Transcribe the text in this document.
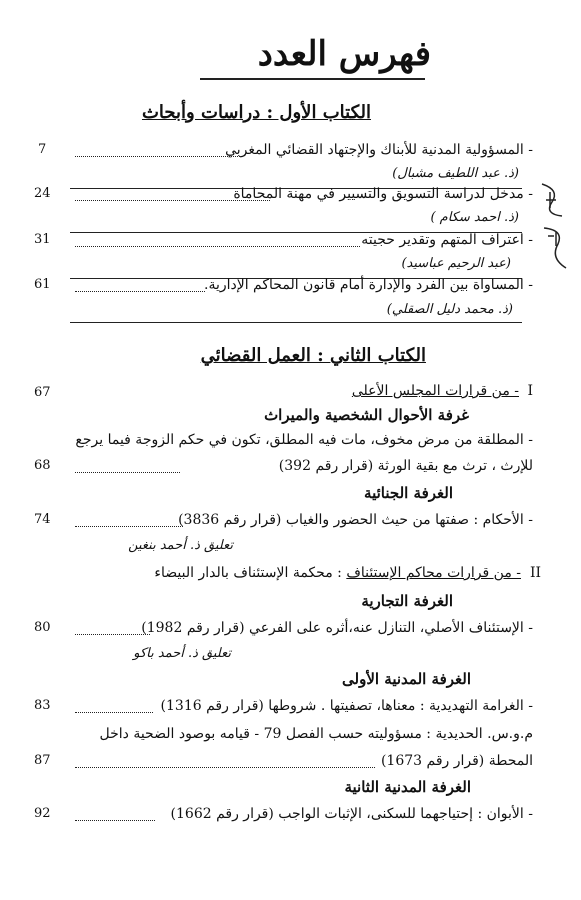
فهرس العدد
الكتاب الأول : دراسات وأبحاث
- المسؤولية المدنية للأبناك والإجتهاد القضائي المغربي
7
(ذ. عبد اللطيف مشبال)
- مدخل لدراسة التسويق والتسيير في مهنة المحاماة
24
(ذ. احمد سكام )
- اعتراف المتهم وتقدير حجيته
31
(عبد الرحيم عباسيد)
- المساواة بين الفرد والإدارة أمام قانون المحاكم الإدارية.
61
(ذ. محمد دليل الصقلي)
الكتاب الثاني : العمل القضائي
I
- من قرارات المجلس الأعلى
67
غرفة الأحوال الشخصية والميراث
- المطلقة من مرض مخوف، مات فيه المطلق، تكون في حكم الزوجة فيما يرجع
للإرث ، ترث مع بقية الورثة (قرار رقم 392)
68
الغرفة الجنائية
- الأحكام : صفتها من حيث الحضور والغياب (قرار رقم 3836)
74
تعليق ذ. أحمد بنغين
II
- من قرارات محاكم الإستئناف : محكمة الإستئناف بالدار البيضاء
الغرفة التجارية
- الإستئناف الأصلي، التنازل عنه،أثره على الفرعي (قرار رقم 1982)
80
تعليق ذ. أحمد باكو
الغرفة المدنية الأولى
- الغرامة التهديدية : معناها، تصفيتها . شروطها (قرار رقم 1316)
83
م.و.س. الحديدية : مسؤوليته حسب الفصل 79 - قيامه بوصود الضحية داخل
المحطة (قرار رقم 1673)
87
الغرفة المدنية الثانية
- الأبوان : إحتياجهما للسكنى، الإثبات الواجب (قرار رقم 1662)
92
